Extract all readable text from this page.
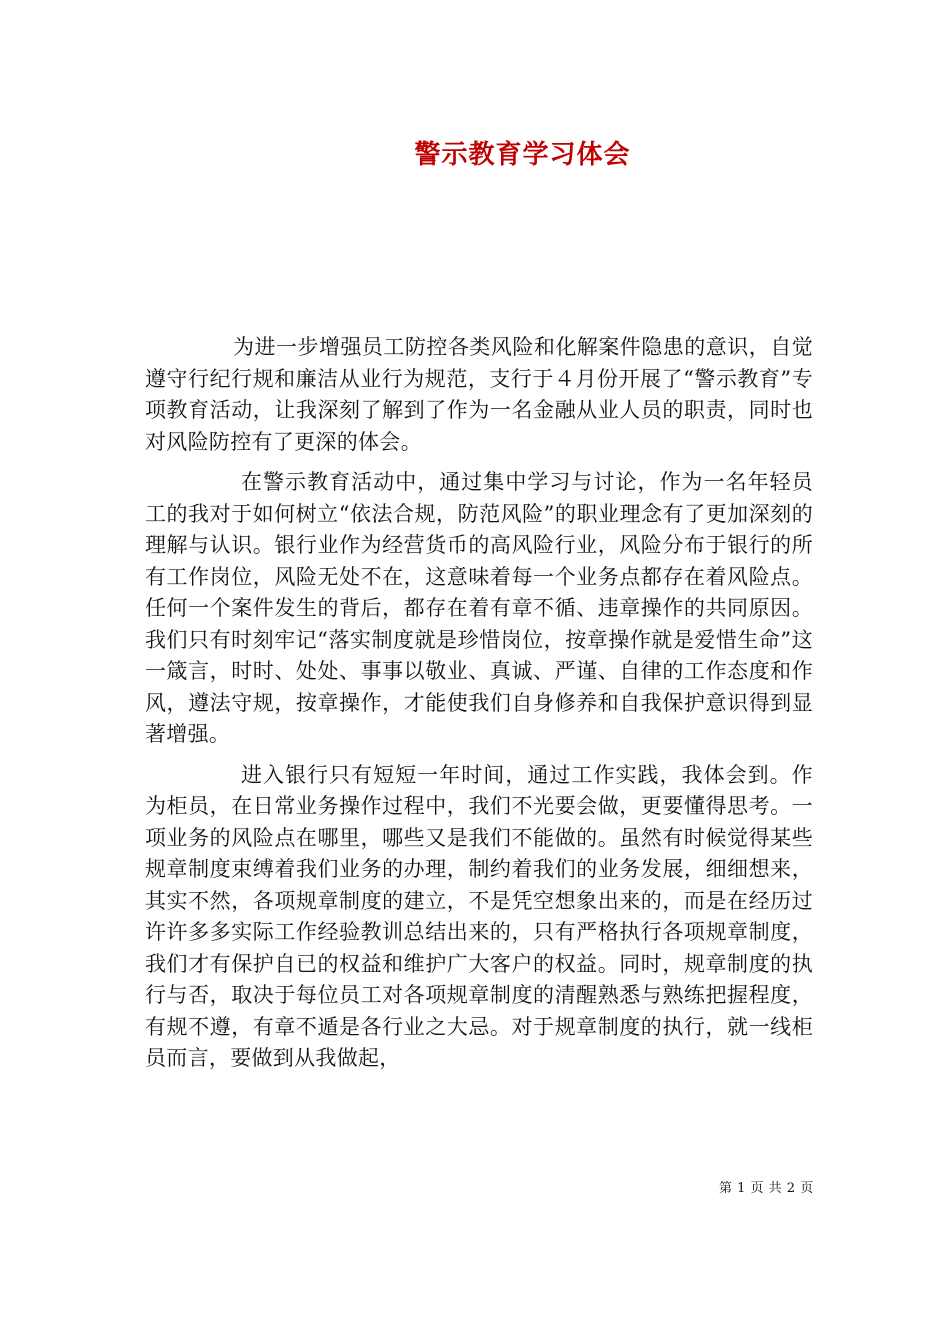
警示教育学习体会

为进一步增强员工防控各类风险和化解案件隐患的意识，自觉遵守行纪行规和廉洁从业行为规范，支行于４月份开展了“警示教育”专项教育活动，让我深刻了解到了作为一名金融从业人员的职责，同时也对风险防控有了更深的体会。

在警示教育活动中，通过集中学习与讨论，作为一名年轻员工的我对于如何树立“依法合规，防范风险”的职业理念有了更加深刻的理解与认识。银行业作为经营货币的高风险行业，风险分布于银行的所有工作岗位，风险无处不在，这意味着每一个业务点都存在着风险点。任何一个案件发生的背后，都存在着有章不循、违章操作的共同原因。我们只有时刻牢记“落实制度就是珍惜岗位，按章操作就是爱惜生命”这一箴言，时时、处处、事事以敬业、真诚、严谨、自律的工作态度和作风，遵法守规，按章操作，才能使我们自身修养和自我保护意识得到显著增强。

进入银行只有短短一年时间，通过工作实践，我体会到。作为柜员，在日常业务操作过程中，我们不光要会做，更要懂得思考。一项业务的风险点在哪里，哪些又是我们不能做的。虽然有时候觉得某些规章制度束缚着我们业务的办理，制约着我们的业务发展，细细想来，其实不然，各项规章制度的建立，不是凭空想象出来的，而是在经历过许许多多实际工作经验教训总结出来的，只有严格执行各项规章制度，我们才有保护自已的权益和维护广大客户的权益。同时，规章制度的执行与否，取决于每位员工对各项规章制度的清醒熟悉与熟练把握程度，有规不遵，有章不遁是各行业之大忌。对于规章制度的执行，就一线柜员而言，要做到从我做起，

第 1 页 共 2 页
